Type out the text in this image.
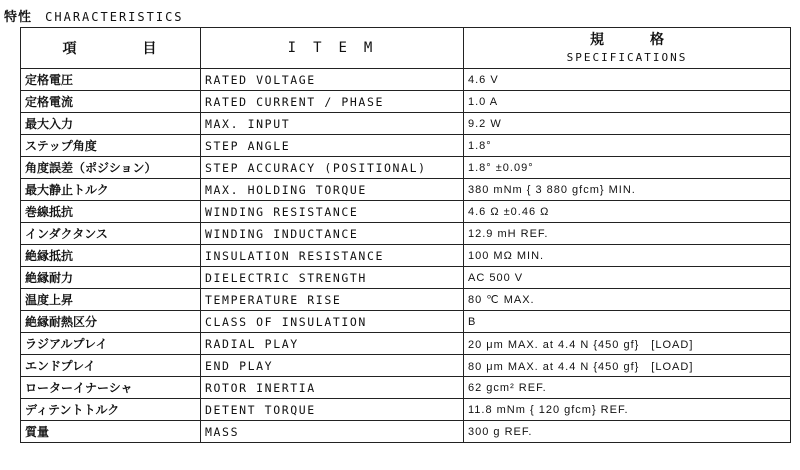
特性 CHARACTERISTICS
項　目	ITEM	規格
SPECIFICATIONS

定格電圧	RATED VOLTAGE	4.6 V
定格電流	RATED CURRENT / PHASE	1.0 A
最大入力	MAX. INPUT	9.2 W
ステップ角度	STEP ANGLE	1.8°
角度誤差（ポジション）	STEP ACCURACY (POSITIONAL)	1.8° ±0.09°
最大静止トルク	MAX. HOLDING TORQUE	380 mNm { 3 880 gfcm} MIN.
巻線抵抗	WINDING RESISTANCE	4.6 Ω ±0.46 Ω
インダクタンス	WINDING INDUCTANCE	12.9 mH REF.
絶縁抵抗	INSULATION RESISTANCE	100 MΩ MIN.
絶縁耐力	DIELECTRIC STRENGTH	AC 500 V
温度上昇	TEMPERATURE RISE	80 ℃ MAX.
絶縁耐熱区分	CLASS OF INSULATION	B
ラジアルプレイ	RADIAL PLAY	20 μm MAX. at 4.4 N {450 gf}　[LOAD]
エンドプレイ	END PLAY	80 μm MAX. at 4.4 N {450 gf}　[LOAD]
ローターイナーシャ	ROTOR INERTIA	62 gcm² REF.
ディテントトルク	DETENT TORQUE	11.8 mNm { 120 gfcm} REF.
質量	MASS	300 g REF.
